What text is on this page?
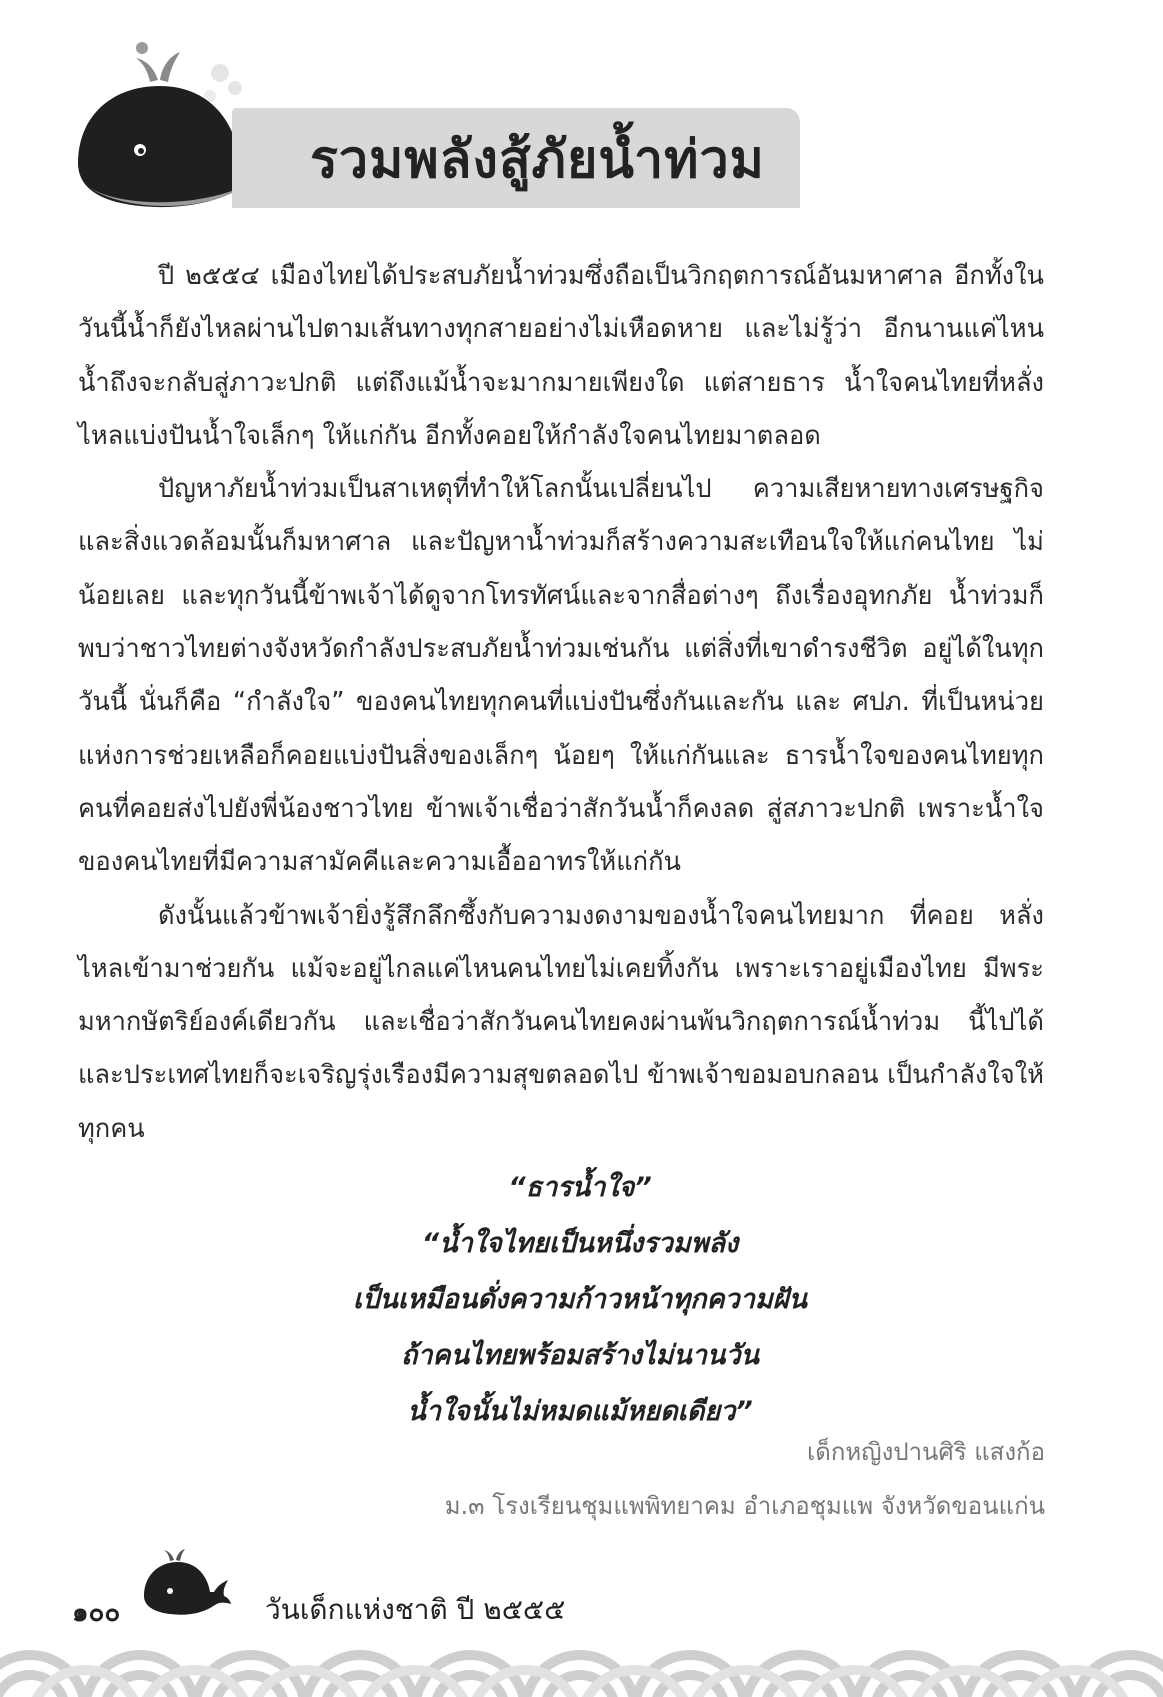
รวมพลังสู้ภัยน้ำท่วม

ปี ๒๕๕๔ เมืองไทยได้ประสบภัยน้ำท่วมซึ่งถือเป็นวิกฤตการณ์อันมหาศาล อีกทั้งในวันนี้น้ำก็ยังไหลผ่านไปตามเส้นทางทุกสายอย่างไม่เหือดหาย และไม่รู้ว่า อีกนานแค่ไหนน้ำถึงจะกลับสู่ภาวะปกติ แต่ถึงแม้น้ำจะมากมายเพียงใด แต่สายธาร น้ำใจคนไทยที่หลั่งไหลแบ่งปันน้ำใจเล็กๆ ให้แก่กัน อีกทั้งคอยให้กำลังใจคนไทยมาตลอด

ปัญหาภัยน้ำท่วมเป็นสาเหตุที่ทำให้โลกนั้นเปลี่ยนไป ความเสียหายทางเศรษฐกิจ และสิ่งแวดล้อมนั้นก็มหาศาล และปัญหาน้ำท่วมก็สร้างความสะเทือนใจให้แก่คนไทย ไม่น้อยเลย และทุกวันนี้ข้าพเจ้าได้ดูจากโทรทัศน์และจากสื่อต่างๆ ถึงเรื่องอุทกภัย น้ำท่วมก็พบว่าชาวไทยต่างจังหวัดกำลังประสบภัยน้ำท่วมเช่นกัน แต่สิ่งที่เขาดำรงชีวิต อยู่ได้ในทุกวันนี้ นั่นก็คือ “กำลังใจ” ของคนไทยทุกคนที่แบ่งปันซึ่งกันและกัน และ ศปภ. ที่เป็นหน่วยแห่งการช่วยเหลือก็คอยแบ่งปันสิ่งของเล็กๆ น้อยๆ ให้แก่กันและ ธารน้ำใจของคนไทยทุกคนที่คอยส่งไปยังพี่น้องชาวไทย ข้าพเจ้าเชื่อว่าสักวันน้ำก็คงลด สู่สภาวะปกติ เพราะน้ำใจของคนไทยที่มีความสามัคคีและความเอื้ออาทรให้แก่กัน

ดังนั้นแล้วข้าพเจ้ายิ่งรู้สึกลึกซึ้งกับความงดงามของน้ำใจคนไทยมาก ที่คอย หลั่งไหลเข้ามาช่วยกัน แม้จะอยู่ไกลแค่ไหนคนไทยไม่เคยทิ้งกัน เพราะเราอยู่เมืองไทย มีพระมหากษัตริย์องค์เดียวกัน และเชื่อว่าสักวันคนไทยคงผ่านพ้นวิกฤตการณ์น้ำท่วม นี้ไปได้ และประเทศไทยก็จะเจริญรุ่งเรืองมีความสุขตลอดไป ข้าพเจ้าขอมอบกลอน เป็นกำลังใจให้ทุกคน

“ธารน้ำใจ”
“น้ำใจไทยเป็นหนึ่งรวมพลัง
เป็นเหมือนดั่งความก้าวหน้าทุกความฝัน
ถ้าคนไทยพร้อมสร้างไม่นานวัน
น้ำใจนั้นไม่หมดแม้หยดเดียว”
เด็กหญิงปานศิริ แสงก้อ
ม.๓ โรงเรียนชุมแพพิทยาคม อำเภอชุมแพ จังหวัดขอนแก่น
๑๐๐	วันเด็กแห่งชาติ ปี ๒๕๕๕
